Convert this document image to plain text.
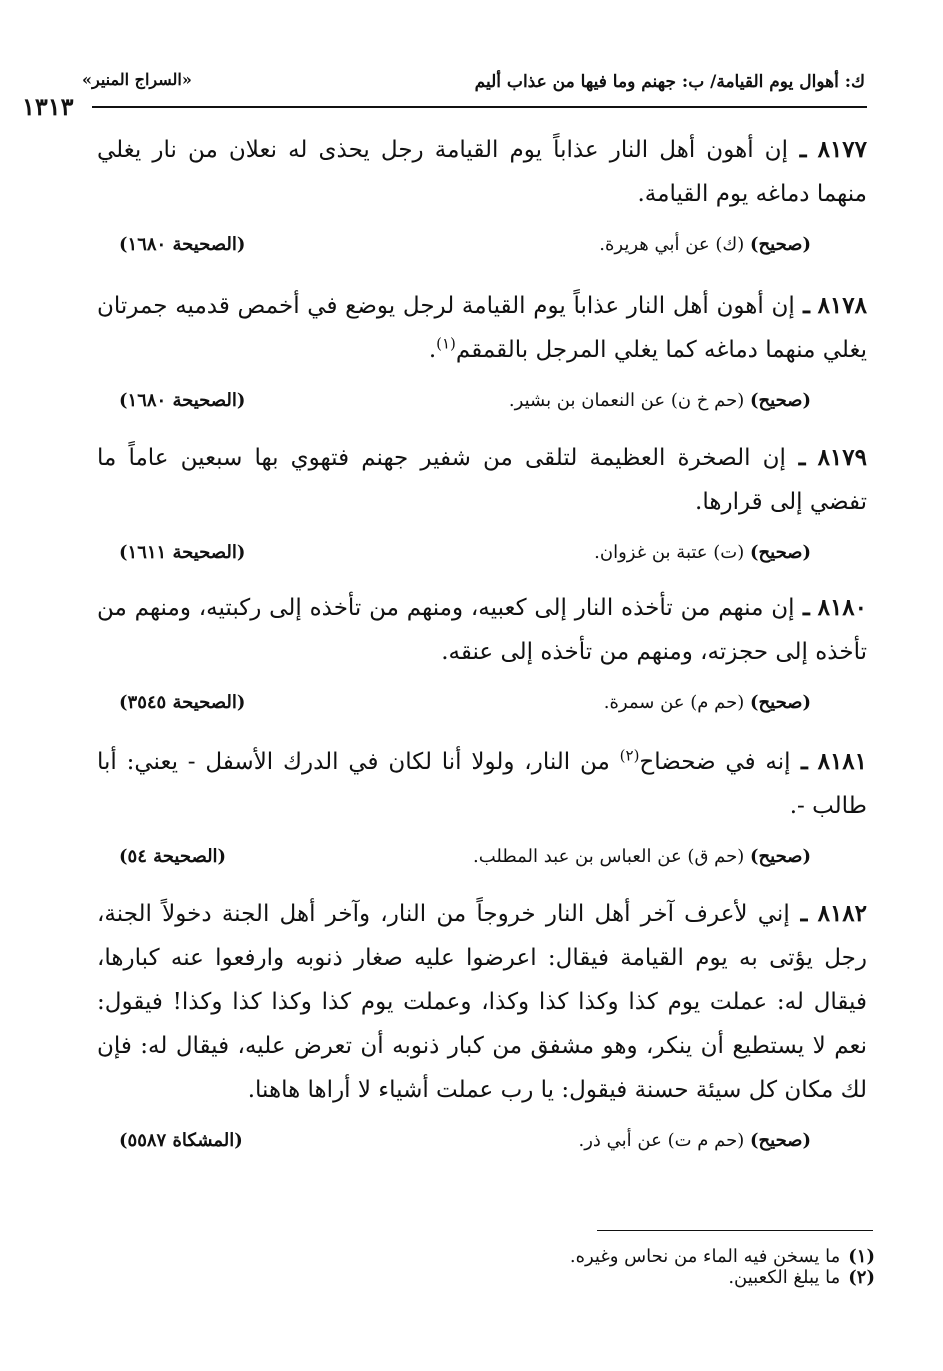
ك: أهوال يوم القيامة/ ب: جهنم وما فيها من عذاب أليم
«السراج المنير»
١٣١٣

٨١٧٧ ـ إن أهون أهل النار عذاباً يوم القيامة رجل يحذى له نعلان من نار يغلي منهما دماغه يوم القيامة.

(صحيح) (ك) عن أبي هريرة.
(الصحيحة ١٦٨٠)

٨١٧٨ ـ إن أهون أهل النار عذاباً يوم القيامة لرجل يوضع في أخمص قدميه جمرتان يغلي منهما دماغه كما يغلي المرجل بالقمقم$^{(١)}$.

(صحيح) (حم خ ن) عن النعمان بن بشير.
(الصحيحة ١٦٨٠)

٨١٧٩ ـ إن الصخرة العظيمة لتلقى من شفير جهنم فتهوي بها سبعين عاماً ما تفضي إلى قرارها.

(صحيح) (ت) عتبة بن غزوان.
(الصحيحة ١٦١١)

٨١٨٠ ـ إن منهم من تأخذه النار إلى كعبيه، ومنهم من تأخذه إلى ركبتيه، ومنهم من تأخذه إلى حجزته، ومنهم من تأخذه إلى عنقه.

(صحيح) (حم م) عن سمرة.
(الصحيحة ٣٥٤٥)

٨١٨١ ـ إنه في ضحضاح$^{(٢)}$ من النار، ولولا أنا لكان في الدرك الأسفل - يعني: أبا طالب -.

(صحيح) (حم ق) عن العباس بن عبد المطلب.
(الصحيحة ٥٤)

٨١٨٢ ـ إني لأعرف آخر أهل النار خروجاً من النار، وآخر أهل الجنة دخولاً الجنة، رجل يؤتى به يوم القيامة فيقال: اعرضوا عليه صغار ذنوبه وارفعوا عنه كبارها، فيقال له: عملت يوم كذا وكذا كذا وكذا، وعملت يوم كذا وكذا كذا وكذا! فيقول: نعم لا يستطيع أن ينكر، وهو مشفق من كبار ذنوبه أن تعرض عليه، فيقال له: فإن لك مكان كل سيئة حسنة فيقول: يا رب عملت أشياء لا أراها هاهنا.

(صحيح) (حم م ت) عن أبي ذر.
(المشكاة ٥٥٨٧)
(١)ما يسخن فيه الماء من نحاس وغيره.
(٢)ما يبلغ الكعبين.
